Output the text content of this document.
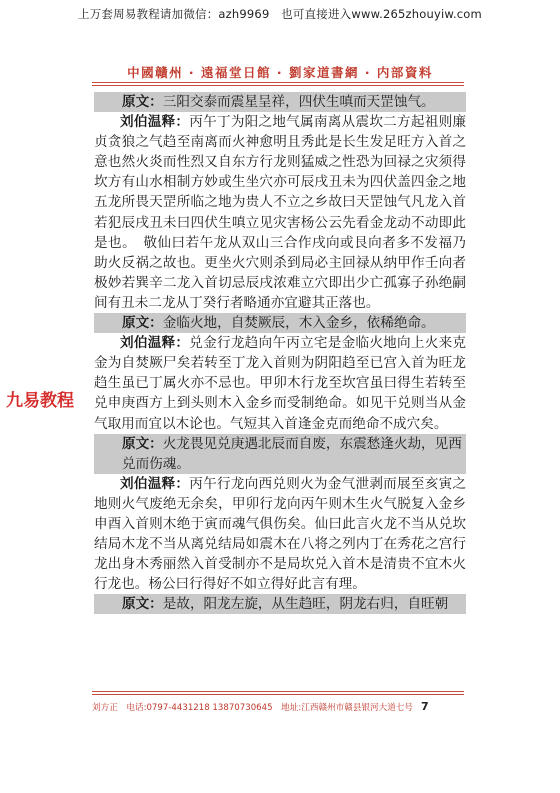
上万套周易教程请加微信：azh9969　也可直接进入www.265zhouyiw.com
中國贛州 · 遠福堂日館 · 劉家道書網 · 内部資料
九易教程

原文：三阳交泰而震星呈祥，四伏生嗔而天罡蚀气。

刘伯温释：丙午丁为阳之地气属南离从震坎二方起祖则廉贞贪狼之气趋至南离而火神愈明且秀此是长生发足旺方入首之意也然火炎而性烈又自东方行龙则猛威之性恐为回禄之灾须得坎方有山水相制方妙或生坐穴亦可辰戌丑未为四伏盖四金之地五龙所畏天罡所临之地为贵人不立之乡故曰天罡蚀气凡龙入首若犯辰戌丑未曰四伏生嗔立见灾害杨公云先看金龙动不动即此是也。　敬仙曰若午龙从双山三合作戌向或艮向者多不发福乃助火反祸之故也。更坐火穴则杀到局必主回禄从纳甲作壬向者极妙若巽辛二龙入首切忌辰戌浓难立穴即出少亡孤寡子孙绝嗣间有丑未二龙从丁癸行者略通亦宜避其正落也。

原文：金临火地，自焚厥辰，木入金乡，依稀绝命。

刘伯温释：兑金行龙趋向午丙立宅是金临火地向上火来克金为自焚厥尸矣若转至丁龙入首则为阴阳趋至已宫入首为旺龙趋生虽已丁属火亦不忌也。甲卯木行龙至坎宫虽曰得生若转至兑申庚酉方上到头则木入金乡而受制绝命。如见干兑则当从金气取用而宜以木论也。气短其入首逢金克而绝命不成穴矣。

原文：火龙畏见兑庚遇北辰而自废，东震愁逢火劫，见西兑而伤魂。

刘伯温释：丙午行龙向西兑则火为金气泄剥而展至亥寅之地则火气废绝无余矣，甲卯行龙向丙午则木生火气脱复入金乡申酉入首则木绝于寅而魂气俱伤矣。仙曰此言火龙不当从兑坎结局木龙不当从离兑结局如震木在八将之列内丁在秀花之宫行龙出身木秀丽然入首受制亦不是局坎兑入首木是清贵不宜木火行龙也。杨公曰行得好不如立得好此言有理。

原文：是故，阳龙左旋，从生趋旺，阴龙右归，自旺朝

刘方正　电话:0797-4431218 13870730645　地址:江西赣州市赣县银河大道七号 7
